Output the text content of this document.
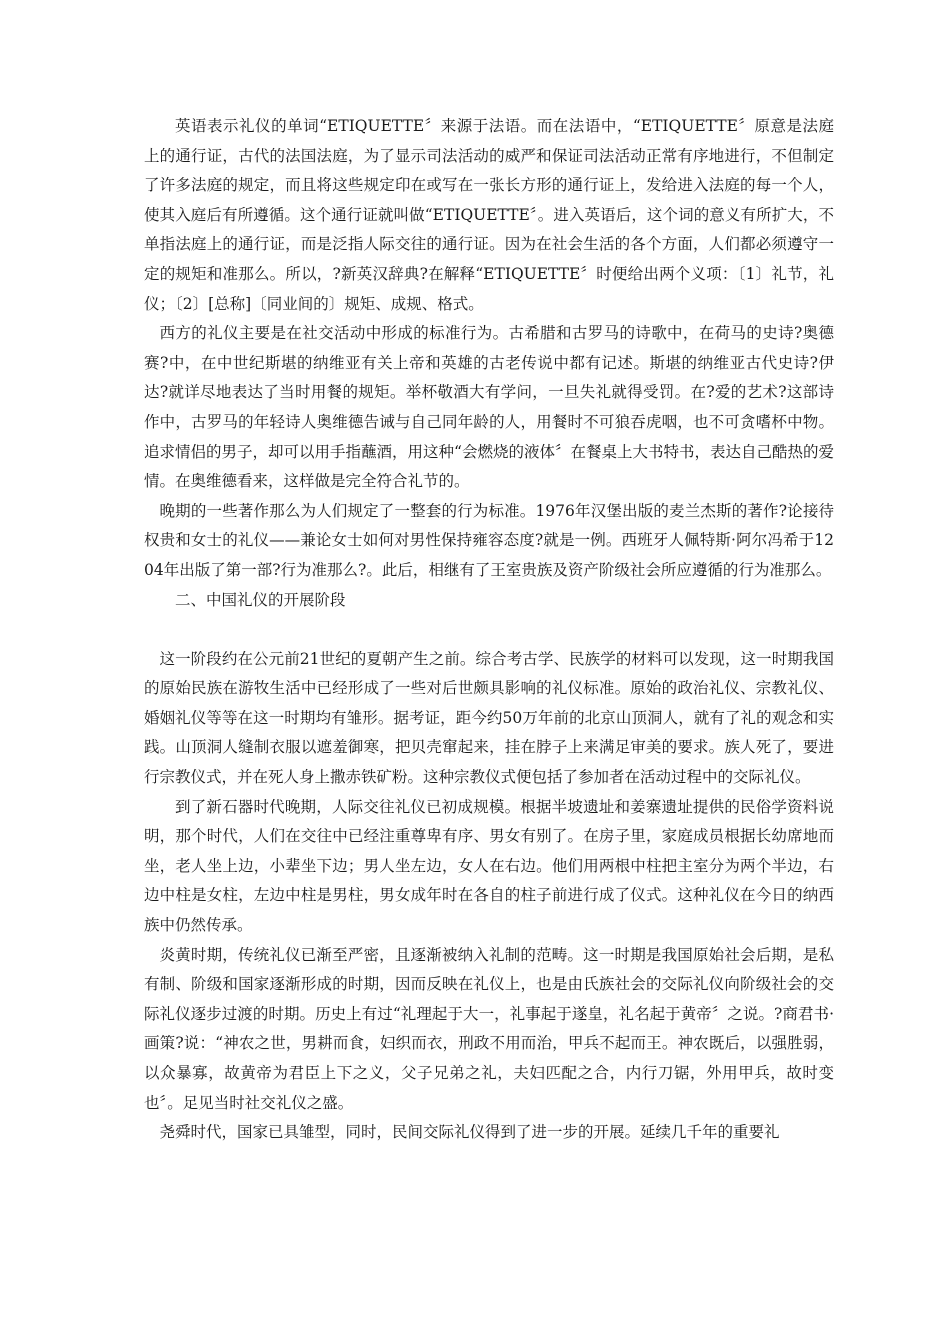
英语表示礼仪的单词“ETIQUETTE〞来源于法语。而在法语中，“ETIQUETTE〞原意是法庭上的通行证，古代的法国法庭，为了显示司法活动的威严和保证司法活动正常有序地进行，不但制定了许多法庭的规定，而且将这些规定印在或写在一张长方形的通行证上，发给进入法庭的每一个人，使其入庭后有所遵循。这个通行证就叫做“ETIQUETTE〞。进入英语后，这个词的意义有所扩大，不单指法庭上的通行证，而是泛指人际交往的通行证。因为在社会生活的各个方面，人们都必须遵守一定的规矩和准那么。所以，?新英汉辞典?在解释“ETIQUETTE〞时便给出两个义项：〔1〕礼节，礼仪；〔2〕[总称]〔同业间的〕规矩、成规、格式。

西方的礼仪主要是在社交活动中形成的标准行为。古希腊和古罗马的诗歌中，在荷马的史诗?奥德赛?中，在中世纪斯堪的纳维亚有关上帝和英雄的古老传说中都有记述。斯堪的纳维亚古代史诗?伊达?就详尽地表达了当时用餐的规矩。举杯敬酒大有学问，一旦失礼就得受罚。在?爱的艺术?这部诗作中，古罗马的年轻诗人奥维德告诫与自己同年龄的人，用餐时不可狼吞虎咽，也不可贪嗜杯中物。追求情侣的男子，却可以用手指蘸酒，用这种“会燃烧的液体〞在餐桌上大书特书，表达自己酷热的爱情。在奥维德看来，这样做是完全符合礼节的。

晚期的一些著作那么为人们规定了一整套的行为标准。1976年汉堡出版的麦兰杰斯的著作?论接待权贵和女士的礼仪——兼论女士如何对男性保持雍容态度?就是一例。西班牙人佩特斯·阿尔冯希于1204年出版了第一部?行为准那么?。此后，相继有了王室贵族及资产阶级社会所应遵循的行为准那么。

二、中国礼仪的开展阶段

这一阶段约在公元前21世纪的夏朝产生之前。综合考古学、民族学的材料可以发现，这一时期我国的原始民族在游牧生活中已经形成了一些对后世颇具影响的礼仪标准。原始的政治礼仪、宗教礼仪、婚姻礼仪等等在这一时期均有雏形。据考证，距今约50万年前的北京山顶洞人，就有了礼的观念和实践。山顶洞人缝制衣服以遮羞御寒，把贝壳窜起来，挂在脖子上来满足审美的要求。族人死了，要进行宗教仪式，并在死人身上撒赤铁矿粉。这种宗教仪式便包括了参加者在活动过程中的交际礼仪。

到了新石器时代晚期，人际交往礼仪已初成规模。根据半坡遗址和姜寨遗址提供的民俗学资料说明，那个时代，人们在交往中已经注重尊卑有序、男女有别了。在房子里，家庭成员根据长幼席地而坐，老人坐上边，小辈坐下边；男人坐左边，女人在右边。他们用两根中柱把主室分为两个半边，右边中柱是女柱，左边中柱是男柱，男女成年时在各自的柱子前进行成了仪式。这种礼仪在今日的纳西族中仍然传承。

炎黄时期，传统礼仪已渐至严密，且逐渐被纳入礼制的范畴。这一时期是我国原始社会后期，是私有制、阶级和国家逐渐形成的时期，因而反映在礼仪上，也是由氏族社会的交际礼仪向阶级社会的交际礼仪逐步过渡的时期。历史上有过“礼理起于大一，礼事起于遂皇，礼名起于黄帝〞之说。?商君书·画策?说：“神农之世，男耕而食，妇织而衣，刑政不用而治，甲兵不起而王。神农既后，以强胜弱，以众暴寡，故黄帝为君臣上下之义，父子兄弟之礼，夫妇匹配之合，内行刀锯，外用甲兵，故时变也〞。足见当时社交礼仪之盛。

尧舜时代，国家已具雏型，同时，民间交际礼仪得到了进一步的开展。延续几千年的重要礼
